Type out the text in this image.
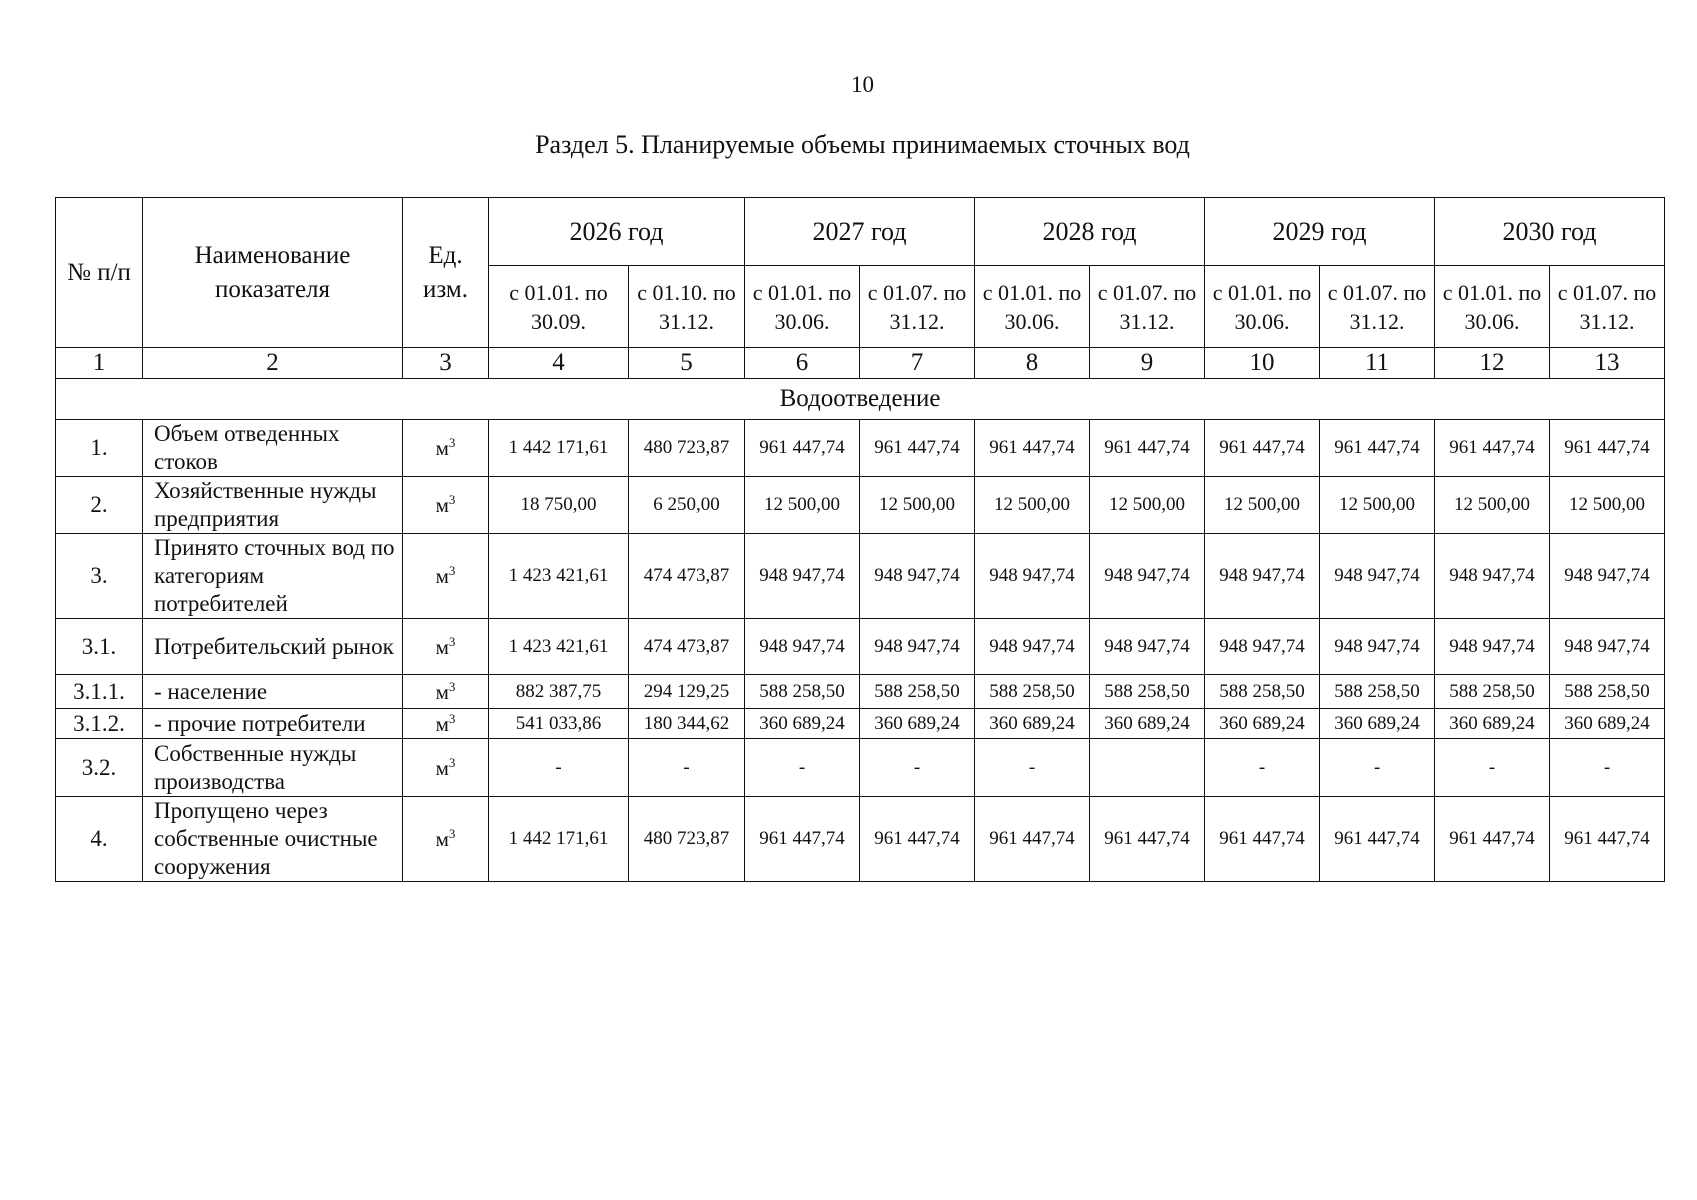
10
Раздел 5. Планируемые объемы принимаемых сточных вод
№ п/п	Наименование показателя	Ед. изм.	2026 год		2027 год		2028 год		2029 год		2030 год	
			с 01.01. по 30.09.	с 01.10. по 31.12.	с 01.01. по 30.06.	с 01.07. по 31.12.	с 01.01. по 30.06.	с 01.07. по 31.12.	с 01.01. по 30.06.	с 01.07. по 31.12.	с 01.01. по 30.06.	с 01.07. по 31.12.
1	2	3	4	5	6	7	8	9	10	11	12	13
Водоотведение												
1.	Объем отведенных стоков	$м^3$	1 442 171,61	480 723,87	961 447,74	961 447,74	961 447,74	961 447,74	961 447,74	961 447,74	961 447,74	961 447,74
2.	Хозяйственные нужды предприятия	$м^3$	18 750,00	6 250,00	12 500,00	12 500,00	12 500,00	12 500,00	12 500,00	12 500,00	12 500,00	12 500,00
3.	Принято сточных вод по категориям потребителей	$м^3$	1 423 421,61	474 473,87	948 947,74	948 947,74	948 947,74	948 947,74	948 947,74	948 947,74	948 947,74	948 947,74
3.1.	Потребительский рынок	$м^3$	1 423 421,61	474 473,87	948 947,74	948 947,74	948 947,74	948 947,74	948 947,74	948 947,74	948 947,74	948 947,74
3.1.1.	- население	$м^3$	882 387,75	294 129,25	588 258,50	588 258,50	588 258,50	588 258,50	588 258,50	588 258,50	588 258,50	588 258,50
3.1.2.	- прочие потребители	$м^3$	541 033,86	180 344,62	360 689,24	360 689,24	360 689,24	360 689,24	360 689,24	360 689,24	360 689,24	360 689,24
3.2.	Собственные нужды производства	$м^3$	-	-	-	-	-		-	-	-	-
4.	Пропущено через собственные очистные сооружения	$м^3$	1 442 171,61	480 723,87	961 447,74	961 447,74	961 447,74	961 447,74	961 447,74	961 447,74	961 447,74	961 447,74
